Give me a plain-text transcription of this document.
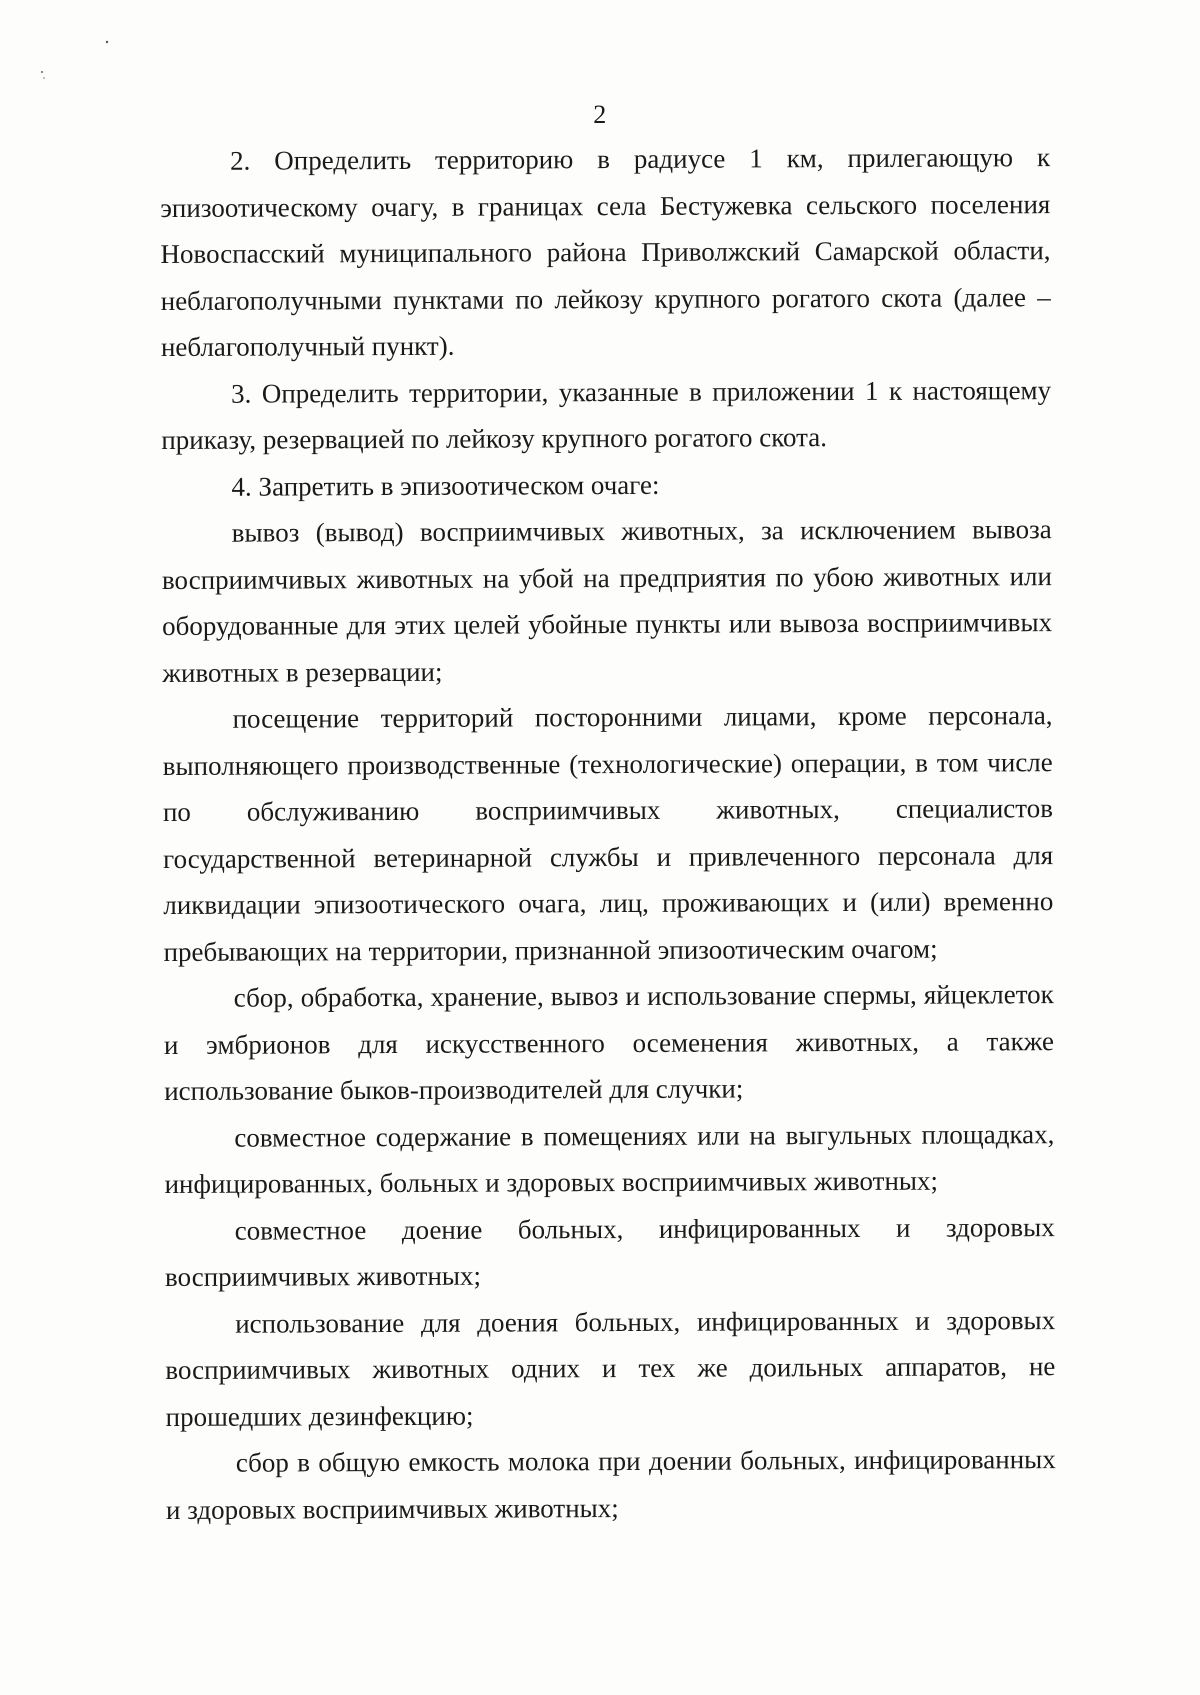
2

2. Определить территорию в радиусе 1 км, прилегающую к эпизоотическому очагу, в границах села Бестужевка сельского поселения Новоспасский муниципального района Приволжский Самарской области, неблагополучными пунктами по лейкозу крупного рогатого скота (далее – неблагополучный пункт).

3. Определить территории, указанные в приложении 1 к настоящему приказу, резервацией по лейкозу крупного рогатого скота.

4. Запретить в эпизоотическом очаге:

вывоз (вывод) восприимчивых животных, за исключением вывоза восприимчивых животных на убой на предприятия по убою животных или оборудованные для этих целей убойные пункты или вывоза восприимчивых животных в резервации;

посещение территорий посторонними лицами, кроме персонала, выполняющего производственные (технологические) операции, в том числе по обслуживанию восприимчивых животных, специалистов государственной ветеринарной службы и привлеченного персонала для ликвидации эпизоотического очага, лиц, проживающих и (или) временно пребывающих на территории, признанной эпизоотическим очагом;

сбор, обработка, хранение, вывоз и использование спермы, яйцеклеток и эмбрионов для искусственного осеменения животных, а также использование быков-производителей для случки;

совместное содержание в помещениях или на выгульных площадках, инфицированных, больных и здоровых восприимчивых животных;

совместное доение больных, инфицированных и здоровых восприимчивых животных;

использование для доения больных, инфицированных и здоровых восприимчивых животных одних и тех же доильных аппаратов, не прошедших дезинфекцию;

сбор в общую емкость молока при доении больных, инфицированных и здоровых восприимчивых животных;
